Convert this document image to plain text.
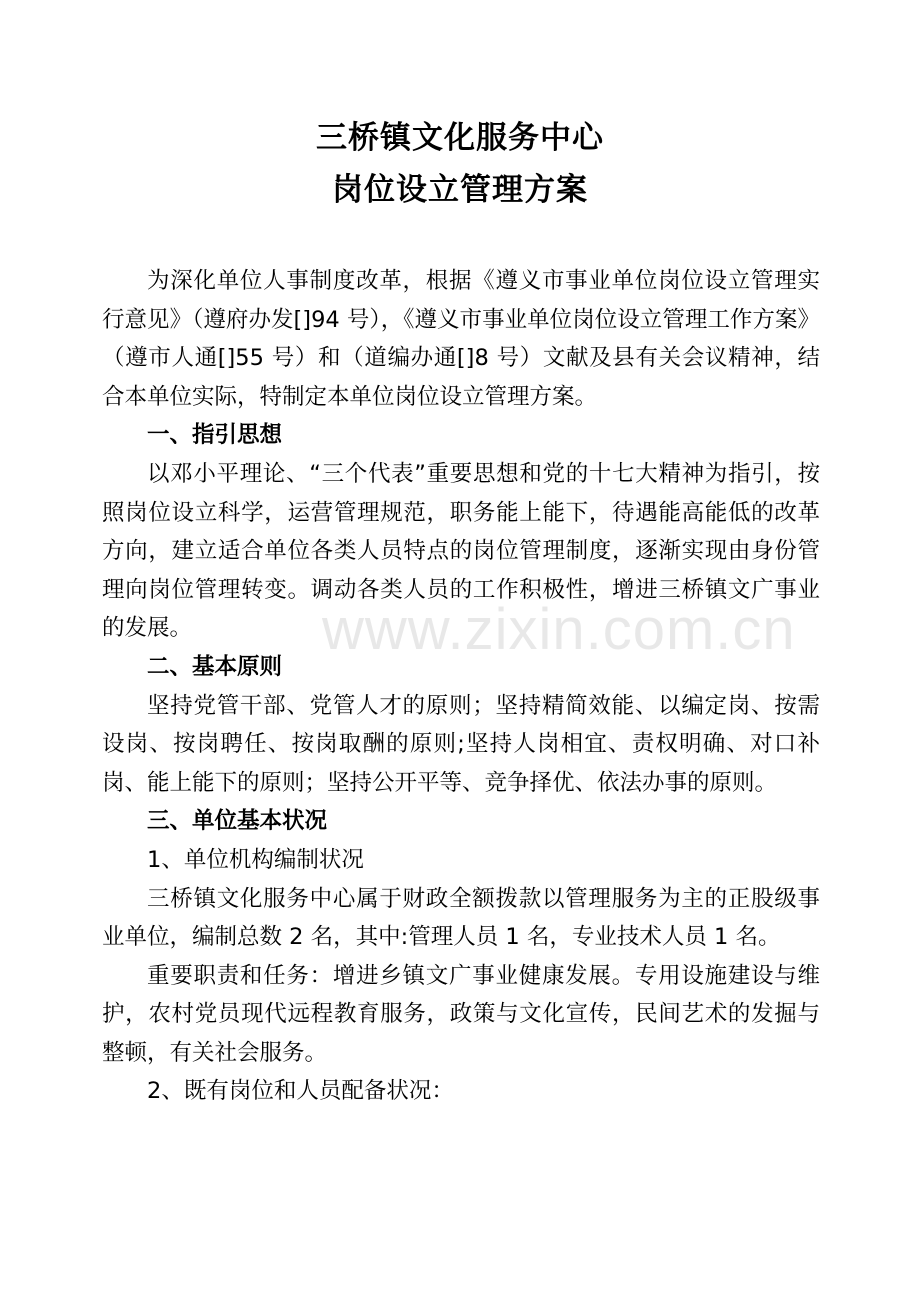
三桥镇文化服务中心
岗位设立管理方案

为深化单位人事制度改革，根据《遵义市事业单位岗位设立管理实行意见》（遵府办发[]94 号），《遵义市事业单位岗位设立管理工作方案》（遵市人通[]55 号）和（道编办通[]8 号）文献及县有关会议精神，结合本单位实际，特制定本单位岗位设立管理方案。

一、指引思想

以邓小平理论、“三个代表”重要思想和党的十七大精神为指引，按照岗位设立科学，运营管理规范，职务能上能下，待遇能高能低的改革方向，建立适合单位各类人员特点的岗位管理制度，逐渐实现由身份管理向岗位管理转变。调动各类人员的工作积极性，增进三桥镇文广事业的发展。

二、基本原则

坚持党管干部、党管人才的原则；坚持精简效能、以编定岗、按需设岗、按岗聘任、按岗取酬的原则;坚持人岗相宜、责权明确、对口补岗、能上能下的原则；坚持公开平等、竞争择优、依法办事的原则。

三、单位基本状况

1、单位机构编制状况

三桥镇文化服务中心属于财政全额拨款以管理服务为主的正股级事业单位，编制总数 2 名，其中:管理人员 1 名，专业技术人员 1 名。

重要职责和任务：增进乡镇文广事业健康发展。专用设施建设与维护，农村党员现代远程教育服务，政策与文化宣传，民间艺术的发掘与整顿，有关社会服务。

2、既有岗位和人员配备状况：

www.zixin.com.cn
